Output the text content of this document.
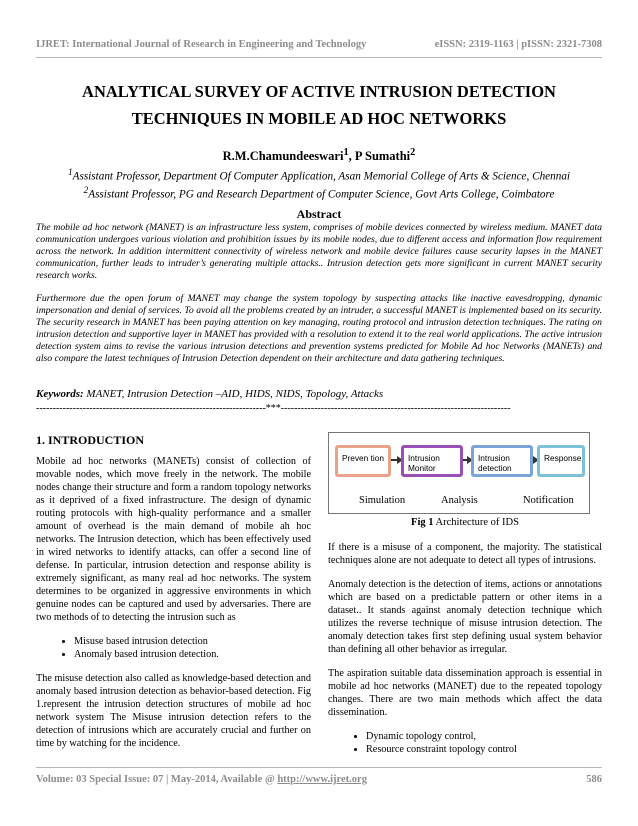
IJRET: International Journal of Research in Engineering and Technology	eISSN: 2319-1163 | pISSN: 2321-7308
ANALYTICAL SURVEY OF ACTIVE INTRUSION DETECTION
TECHNIQUES IN MOBILE AD HOC NETWORKS
R.M.Chamundeeswari$^1$, P Sumathi$^2$
$^1$Assistant Professor, Department Of Computer Application, Asan Memorial College of Arts & Science, Chennai
$^2$Assistant Professor, PG and Research Department of Computer Science, Govt Arts College, Coimbatore
Abstract

The mobile ad hoc network (MANET) is an infrastructure less system, comprises of mobile devices connected by wireless medium. MANET data communication undergoes various violation and prohibition issues by its mobile nodes, due to different access and information flow requirement across the network. In addition intermittent connectivity of wireless network and mobile device failures cause security lapses in the MANET communication, further leads to intruder’s generating multiple attacks.. Intrusion detection gets more significant in current MANET security research works.

Furthermore due the open forum of MANET may change the system topology by suspecting attacks like inactive eavesdropping, dynamic impersonation and denial of services. To avoid all the problems created by an intruder, a successful MANET is implemented based on its security. The security research in MANET has been paying attention on key managing, routing protocol and intrusion detection techniques. The rating on intrusion detection and supportive layer in MANET has provided with a resolution to extend it to the real world applications. The active intrusion detection system aims to revise the various intrusion detections and prevention systems predicted for Mobile Ad hoc Networks (MANETs) and also compare the latest techniques of Intrusion Detection dependent on their architecture and data gathering techniques.

Keywords: MANET, Intrusion Detection –AID, HIDS, NIDS, Topology, Attacks
---------------------------------------------------------------------***---------------------------------------------------------------------
1. INTRODUCTION

Mobile ad hoc networks (MANETs) consist of collection of movable nodes, which move freely in the network. The mobile nodes change their structure and form a random topology networks as it deprived of a fixed infrastructure. The design of dynamic routing protocols with high-quality performance and a smaller amount of overhead is the main demand of mobile ah hoc networks. The Intrusion detection, which has been effectively used in wired networks to identify attacks, can offer a second line of defense. In particular, intrusion detection and response ability is extremely significant, as many real ad hoc networks. The system determines to be organized in aggressive environments in which genuine nodes can be captured and used by adversaries. There are two methods of to detecting the intrusion such as

• Misuse based intrusion detection
• Anomaly based intrusion detection.

The misuse detection also called as knowledge-based detection and anomaly based intrusion detection as behavior-based detection. Fig 1.represent the intrusion detection structures of mobile ad hoc network system The Misuse intrusion detection refers to the detection of intrusions which are accurately crucial and further on time by watching for the incidence.

Preven tion	Intrusion Monitor
Intrusion detection
Response
Simulation	Analysis	Notification
Fig 1 Architecture of IDS

If there is a misuse of a component, the majority. The statistical techniques alone are not adequate to detect all types of intrusions.

Anomaly detection is the detection of items, actions or annotations which are based on a predictable pattern or other items in a dataset.. It stands against anomaly detection technique which utilizes the reverse technique of misuse intrusion detection. The anomaly detection takes first step defining usual system behavior than defining all other behavior as irregular.

The aspiration suitable data dissemination approach is essential in mobile ad hoc networks (MANET) due to the repeated topology changes. There are two main methods which affect the data dissemination.

• Dynamic topology control,
• Resource constraint topology control
Volume: 03 Special Issue: 07 | May-2014, Available @ http://www.ijret.org	586
